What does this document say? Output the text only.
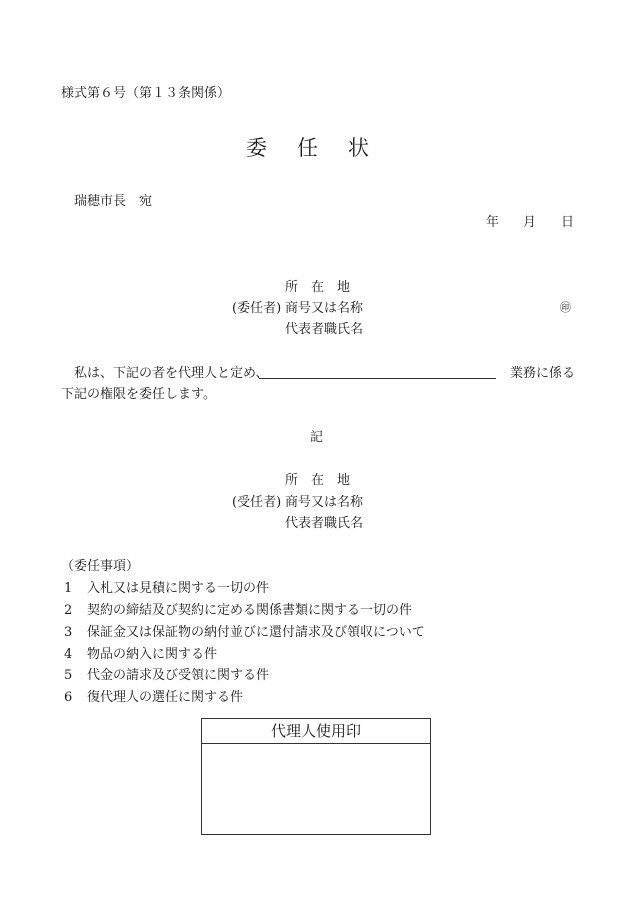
様式第６号（第１３条関係）
委任状
瑞穂市長　宛
年 月 日
所　在　地
(委任者) 商号又は名称	㊞
代表者職氏名
私は、下記の者を代理人と定め、	業務に係る
下記の権限を委任します。
記
所　在　地
(受任者) 商号又は名称
代表者職氏名
（委任事項）
1 入札又は見積に関する一切の件
2 契約の締結及び契約に定める関係書類に関する一切の件
3 保証金又は保証物の納付並びに還付請求及び領収について
4 物品の納入に関する件
5 代金の請求及び受領に関する件
6 復代理人の選任に関する件
代理人使用印
